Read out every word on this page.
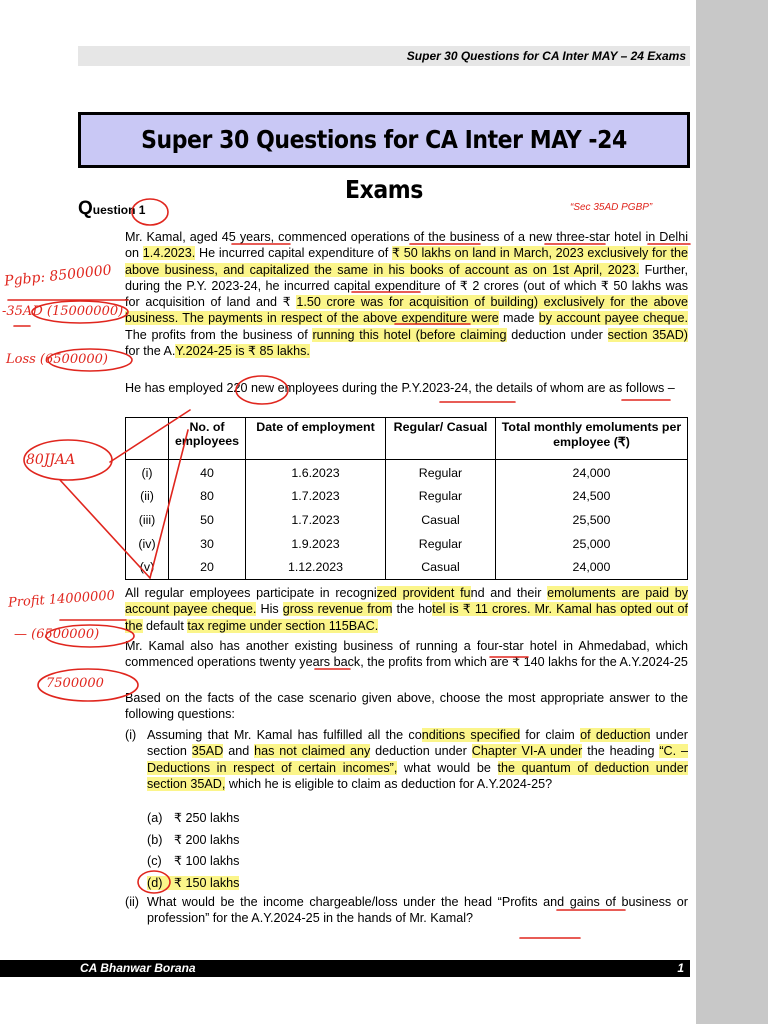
Super 30 Questions for CA Inter MAY – 24 Exams
Super 30 Questions for CA Inter MAY -24 Exams
Question 1	“Sec 35AD PGBP”
Mr. Kamal, aged 45 years, commenced operations of the business of a new three-star hotel in Delhi on 1.4.2023. He incurred capital expenditure of ₹ 50 lakhs on land in March, 2023 exclusively for the above business, and capitalized the same in his books of account as on 1st April, 2023. Further, during the P.Y. 2023-24, he incurred capital expenditure of ₹ 2 crores (out of which ₹ 50 lakhs was for acquisition of land and ₹ 1.50 crore was for acquisition of building) exclusively for the above business. The payments in respect of the above expenditure were made by account payee cheque. The profits from the business of running this hotel (before claiming deduction under section 35AD) for the A.Y.2024-25 is ₹ 85 lakhs.
He has employed 220 new employees during the P.Y.2023-24, the details of whom are as follows –
	No. of employees	Date of employment	Regular/ Casual	Total monthly emoluments per employee (₹)
(i)	40	1.6.2023	Regular	24,000
(ii)	80	1.7.2023	Regular	24,500
(iii)	50	1.7.2023	Casual	25,500
(iv)	30	1.9.2023	Regular	25,000
(v)	20	1.12.2023	Casual	24,000
All regular employees participate in recognized provident fund and their emoluments are paid by account payee cheque. His gross revenue from the hotel is ₹ 11 crores. Mr. Kamal has opted out of the default tax regime under section 115BAC.
Mr. Kamal also has another existing business of running a four-star hotel in Ahmedabad, which commenced operations twenty years back, the profits from which are ₹ 140 lakhs for the A.Y.2024-25
Based on the facts of the case scenario given above, choose the most appropriate answer to the following questions:
(i) Assuming that Mr. Kamal has fulfilled all the conditions specified for claim of deduction under section 35AD and has not claimed any deduction under Chapter VI-A under the heading “C. – Deductions in respect of certain incomes”, what would be the quantum of deduction under section 35AD, which he is eligible to claim as deduction for A.Y.2024-25?
(a) ₹ 250 lakhs
(b) ₹ 200 lakhs
(c) ₹ 100 lakhs
(d) ₹ 150 lakhs
(ii) What would be the income chargeable/loss under the head “Profits and gains of business or profession” for the A.Y.2024-25 in the hands of Mr. Kamal?
CA Bhanwar Borana	1
Pgbp: 8500000
-35AD (15000000)
Loss (6500000)
80JJAA
Profit 14000000
— (6500000)
7500000
